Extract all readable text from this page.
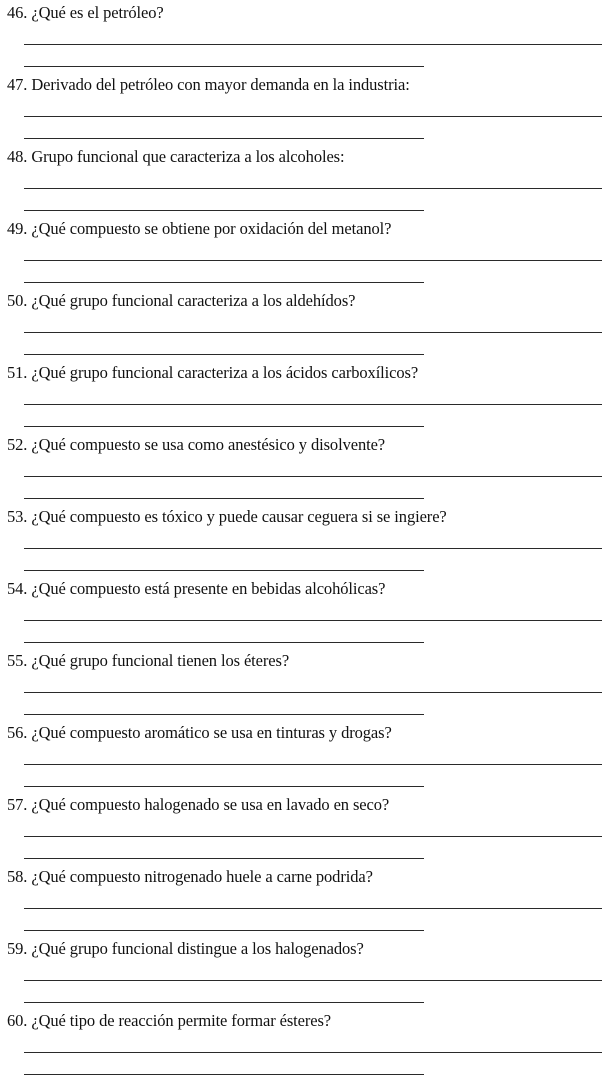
46. ¿Qué es el petróleo?
47. Derivado del petróleo con mayor demanda en la industria:
48. Grupo funcional que caracteriza a los alcoholes:
49. ¿Qué compuesto se obtiene por oxidación del metanol?
50. ¿Qué grupo funcional caracteriza a los aldehídos?
51. ¿Qué grupo funcional caracteriza a los ácidos carboxílicos?
52. ¿Qué compuesto se usa como anestésico y disolvente?
53. ¿Qué compuesto es tóxico y puede causar ceguera si se ingiere?
54. ¿Qué compuesto está presente en bebidas alcohólicas?
55. ¿Qué grupo funcional tienen los éteres?
56. ¿Qué compuesto aromático se usa en tinturas y drogas?
57. ¿Qué compuesto halogenado se usa en lavado en seco?
58. ¿Qué compuesto nitrogenado huele a carne podrida?
59. ¿Qué grupo funcional distingue a los halogenados?
60. ¿Qué tipo de reacción permite formar ésteres?
